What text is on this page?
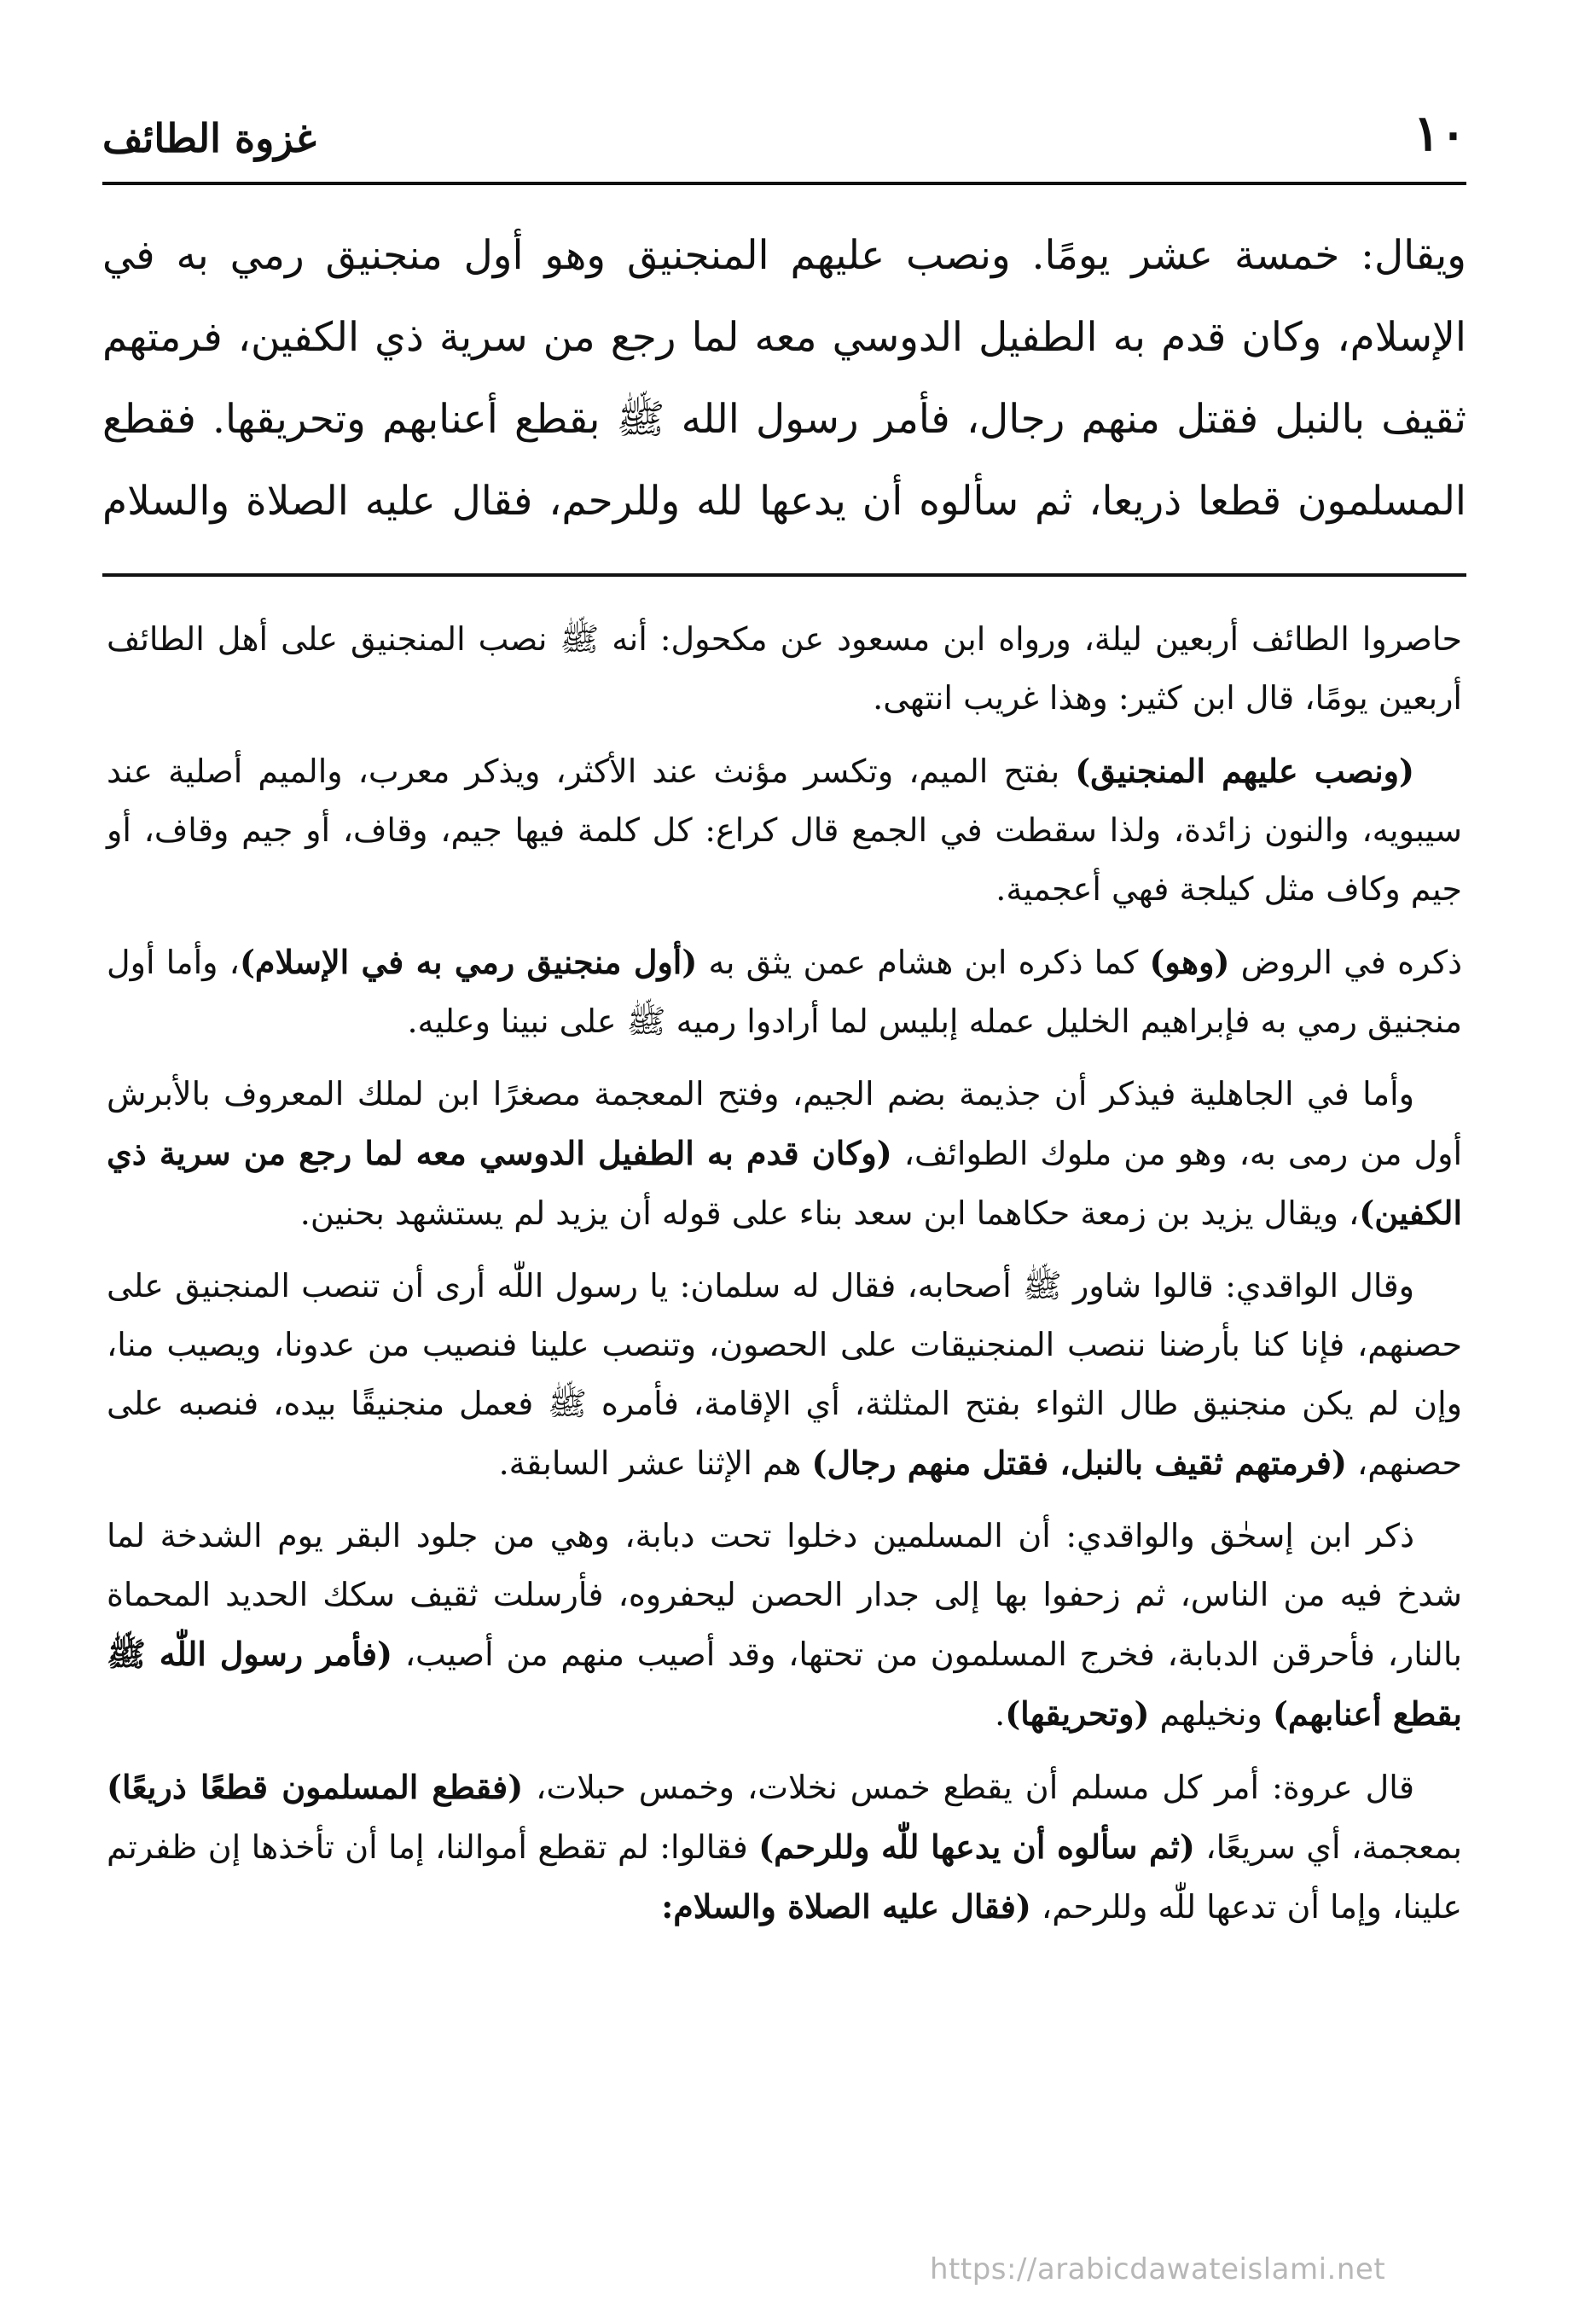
١٠
غزوة الطائف

ويقال: خمسة عشر يومًا. ونصب عليهم المنجنيق وهو أول منجنيق رمي به في الإسلام، وكان قدم به الطفيل الدوسي معه لما رجع من سرية ذي الكفين، فرمتهم ثقيف بالنبل فقتل منهم رجال، فأمر رسول الله ﷺ بقطع أعنابهم وتحريقها. فقطع المسلمون قطعا ذريعا، ثم سألوه أن يدعها لله وللرحم، فقال عليه الصلاة والسلام

حاصروا الطائف أربعين ليلة، ورواه ابن مسعود عن مكحول: أنه ﷺ نصب المنجنيق على أهل الطائف أربعين يومًا، قال ابن كثير: وهذا غريب انتهى.

(ونصب عليهم المنجنيق) بفتح الميم، وتكسر مؤنث عند الأكثر، ويذكر معرب، والميم أصلية عند سيبويه، والنون زائدة، ولذا سقطت في الجمع قال كراع: كل كلمة فيها جيم، وقاف، أو جيم وقاف، أو جيم وكاف مثل كيلجة فهي أعجمية.

ذكره في الروض (وهو) كما ذكره ابن هشام عمن يثق به (أول منجنيق رمي به في الإسلام)، وأما أول منجنيق رمي به فإبراهيم الخليل عمله إبليس لما أرادوا رميه ﷺ على نبينا وعليه.

وأما في الجاهلية فيذكر أن جذيمة بضم الجيم، وفتح المعجمة مصغرًا ابن لملك المعروف بالأبرش أول من رمى به، وهو من ملوك الطوائف، (وكان قدم به الطفيل الدوسي معه لما رجع من سرية ذي الكفين)، ويقال يزيد بن زمعة حكاهما ابن سعد بناء على قوله أن يزيد لم يستشهد بحنين.

وقال الواقدي: قالوا شاور ﷺ أصحابه، فقال له سلمان: يا رسول اللّٰه أرى أن تنصب المنجنيق على حصنهم، فإنا كنا بأرضنا ننصب المنجنيقات على الحصون، وتنصب علينا فنصيب من عدونا، ويصيب منا، وإن لم يكن منجنيق طال الثواء بفتح المثلثة، أي الإقامة، فأمره ﷺ فعمل منجنيقًا بيده، فنصبه على حصنهم، (فرمتهم ثقيف بالنبل، فقتل منهم رجال) هم الإثنا عشر السابقة.

ذكر ابن إسحٰق والواقدي: أن المسلمين دخلوا تحت دبابة، وهي من جلود البقر يوم الشدخة لما شدخ فيه من الناس، ثم زحفوا بها إلى جدار الحصن ليحفروه، فأرسلت ثقيف سكك الحديد المحماة بالنار، فأحرقن الدبابة، فخرج المسلمون من تحتها، وقد أصيب منهم من أصيب، (فأمر رسول اللّٰه ﷺ بقطع أعنابهم) ونخيلهم (وتحريقها).

قال عروة: أمر كل مسلم أن يقطع خمس نخلات، وخمس حبلات، (فقطع المسلمون قطعًا ذريعًا) بمعجمة، أي سريعًا، (ثم سألوه أن يدعها للّٰه وللرحم) فقالوا: لم تقطع أموالنا، إما أن تأخذها إن ظفرتم علينا، وإما أن تدعها للّٰه وللرحم، (فقال عليه الصلاة والسلام:

https://arabicdawateislami.net
